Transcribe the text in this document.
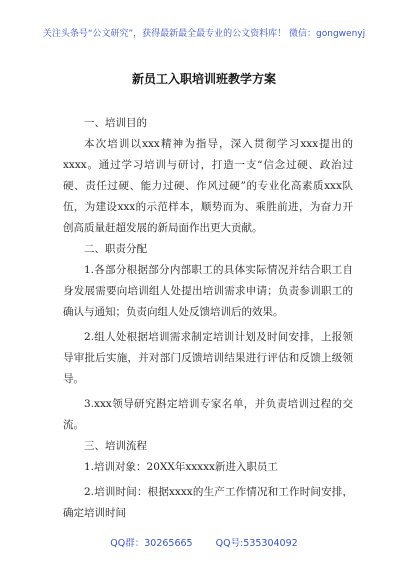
关注头条号“公文研究”，获得最新最全最专业的公文资料库！ 微信：gongwenyj
新员工入职培训班教学方案

一、培训目的

本次培训以xxx精神为指导，深入贯彻学习xxx提出的xxxx。通过学习培训与研讨，打造一支“信念过硬、政治过硬、责任过硬、能力过硬、作风过硬”的专业化高素质xxx队伍，为建设xxx的示范样本，顺势而为、乘胜前进，为奋力开创高质量赶超发展的新局面作出更大贡献。

二、职责分配

1.各部分根据部分内部职工的具体实际情况并结合职工自身发展需要向培训组人处提出培训需求申请；负责参训职工的确认与通知；负责向组人处反馈培训后的效果。

2.组人处根据培训需求制定培训计划及时间安排，上报领导审批后实施，并对部门反馈培训结果进行评估和反馈上级领导。

3.xxx领导研究斟定培训专家名单，并负责培训过程的交流。

三、培训流程

1.培训对象：20XX年xxxxx新进入职员工

2.培训时间：根据xxxx的生产工作情况和工作时间安排，确定培训时间

QQ群：30265665 QQ号:535304092
